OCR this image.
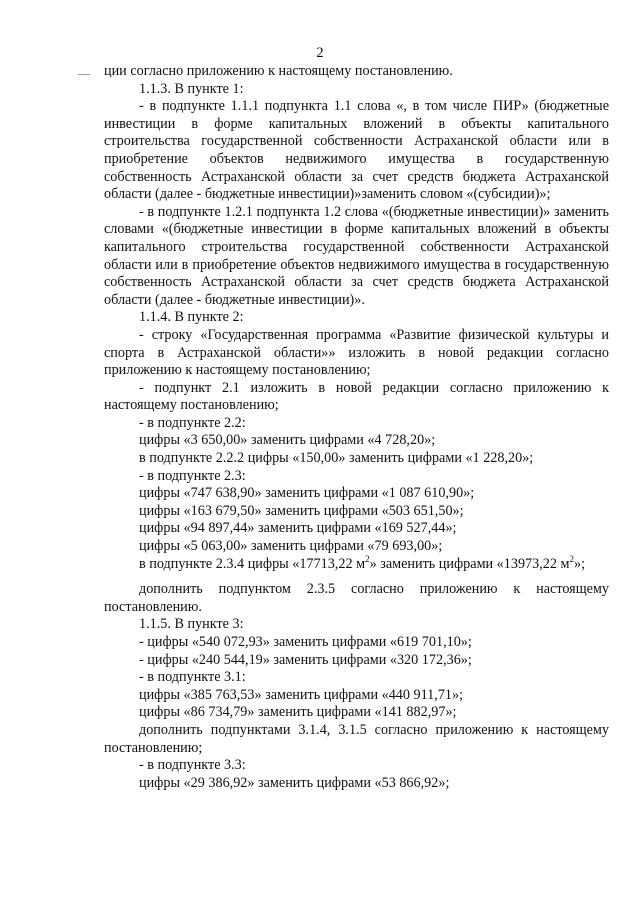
2

ции согласно приложению к настоящему постановлению.

1.1.3. В пункте 1:

- в подпункте 1.1.1 подпункта 1.1 слова «, в том числе ПИР» (бюджетные инвестиции в форме капитальных вложений в объекты капитального строительства государственной собственности Астраханской области или в приобретение объектов недвижимого имущества в государственную собственность Астраханской области за счет средств бюджета Астраханской области (далее - бюджетные инвестиции)»заменить словом «(субсидии)»;

- в подпункте 1.2.1 подпункта 1.2 слова «(бюджетные инвестиции)» заменить словами «(бюджетные инвестиции в форме капитальных вложений в объекты капитального строительства государственной собственности Астраханской области или в приобретение объектов недвижимого имущества в государственную собственность Астраханской области за счет средств бюджета Астраханской области (далее - бюджетные инвестиции)».

1.1.4. В пункте 2:

- строку «Государственная программа «Развитие физической культуры и спорта в Астраханской области»» изложить в новой редакции согласно приложению к настоящему постановлению;

- подпункт 2.1 изложить в новой редакции согласно приложению к настоящему постановлению;

- в подпункте 2.2:

цифры «3 650,00» заменить цифрами «4 728,20»;

в подпункте 2.2.2 цифры «150,00» заменить цифрами «1 228,20»;

- в подпункте 2.3:

цифры «747 638,90» заменить цифрами «1 087 610,90»;

цифры «163 679,50» заменить цифрами «503 651,50»;

цифры «94 897,44» заменить цифрами «169 527,44»;

цифры «5 063,00» заменить цифрами «79 693,00»;

в подпункте 2.3.4 цифры «17713,22 $м^2$» заменить цифрами «13973,22 $м^2$»;

дополнить подпунктом 2.3.5 согласно приложению к настоящему постановлению.

1.1.5. В пункте 3:

- цифры «540 072,93» заменить цифрами «619 701,10»;

- цифры «240 544,19» заменить цифрами «320 172,36»;

- в подпункте 3.1:

цифры «385 763,53» заменить цифрами «440 911,71»;

цифры «86 734,79» заменить цифрами «141 882,97»;

дополнить подпунктами 3.1.4, 3.1.5 согласно приложению к настоящему постановлению;

- в подпункте 3.3:

цифры «29 386,92» заменить цифрами «53 866,92»;
